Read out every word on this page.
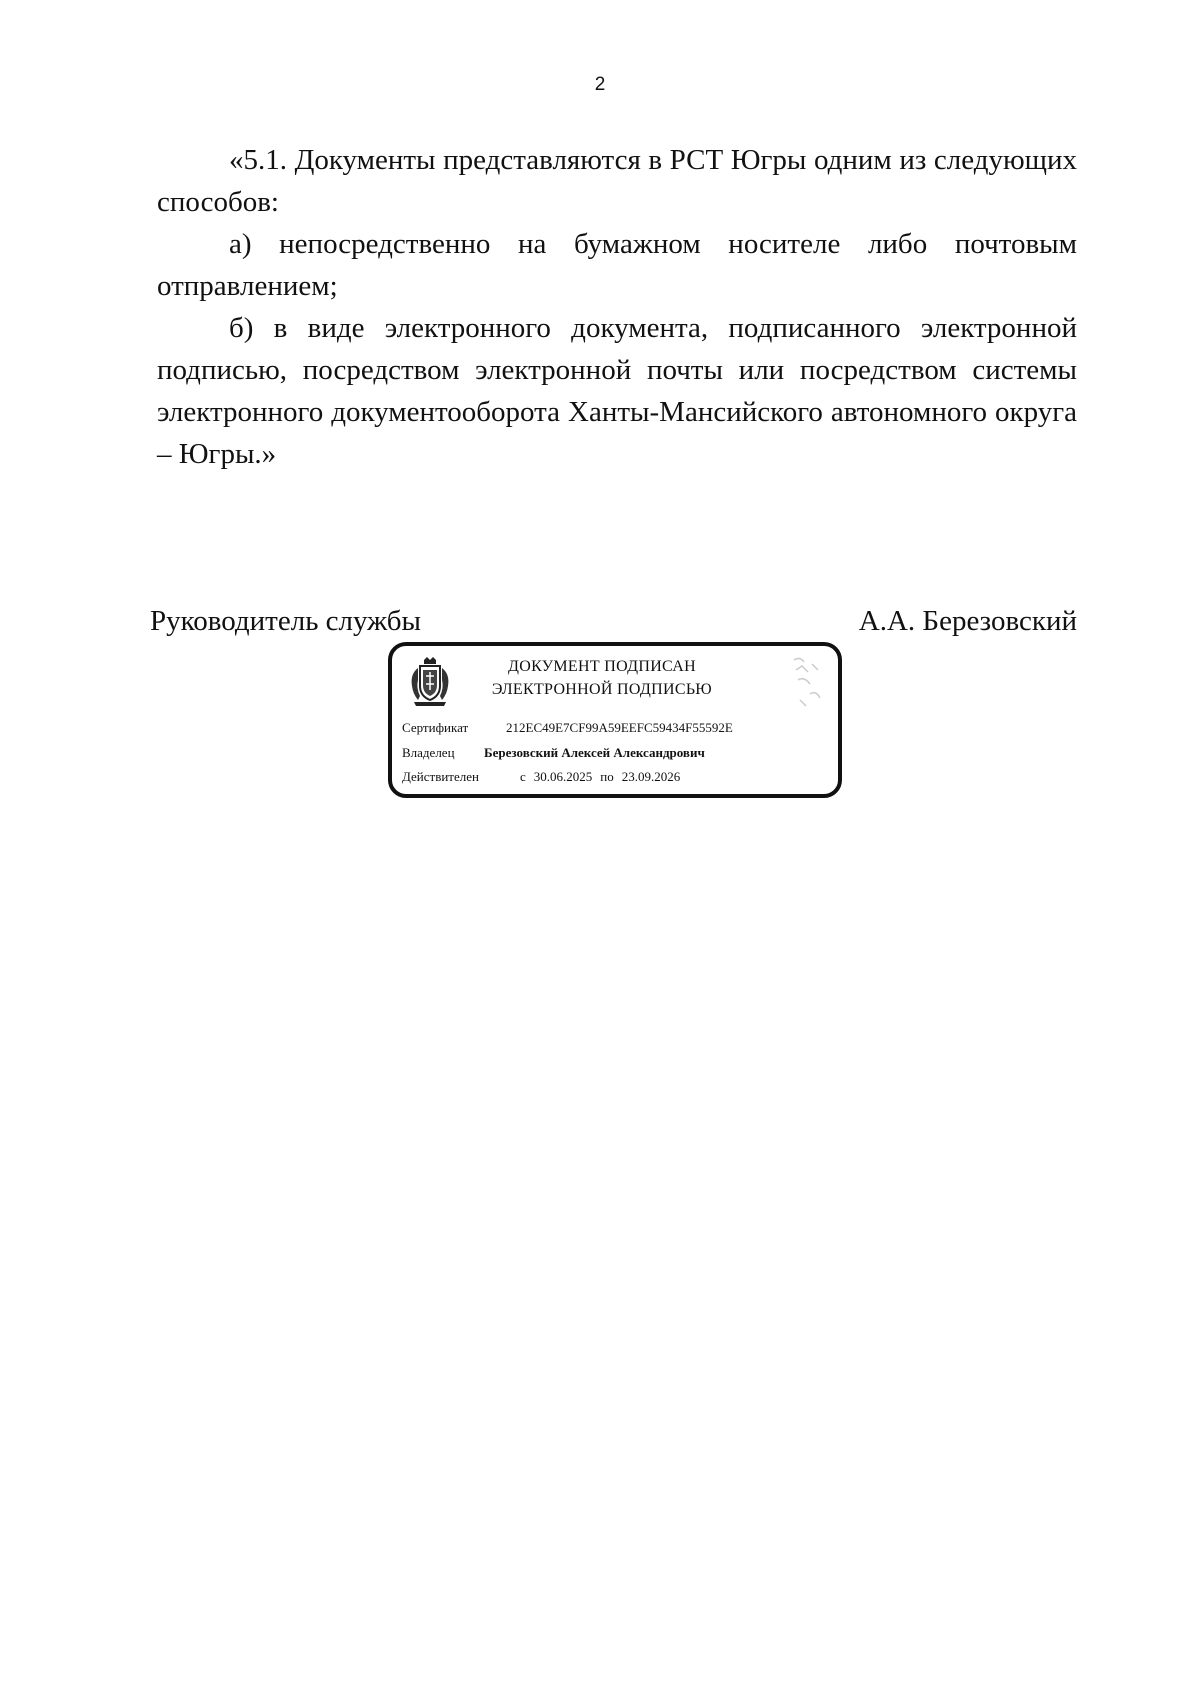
2

«5.1. Документы представляются в РСТ Югры одним из следующих способов:

а) непосредственно на бумажном носителе либо почтовым отправлением;

б) в виде электронного документа, подписанного электронной подписью, посредством электронной почты или посредством системы электронного документооборота Ханты-Мансийского автономного округа – Югры.»

Руководитель службы	А.А. Березовский
ДОКУМЕНТ ПОДПИСАН
ЭЛЕКТРОННОЙ ПОДПИСЬЮ
Сертификат	212EC49E7CF99A59EEFC59434F55592E
Владелец Березовский Алексей Александрович
Действителен	с 30.06.2025 по 23.09.2026
